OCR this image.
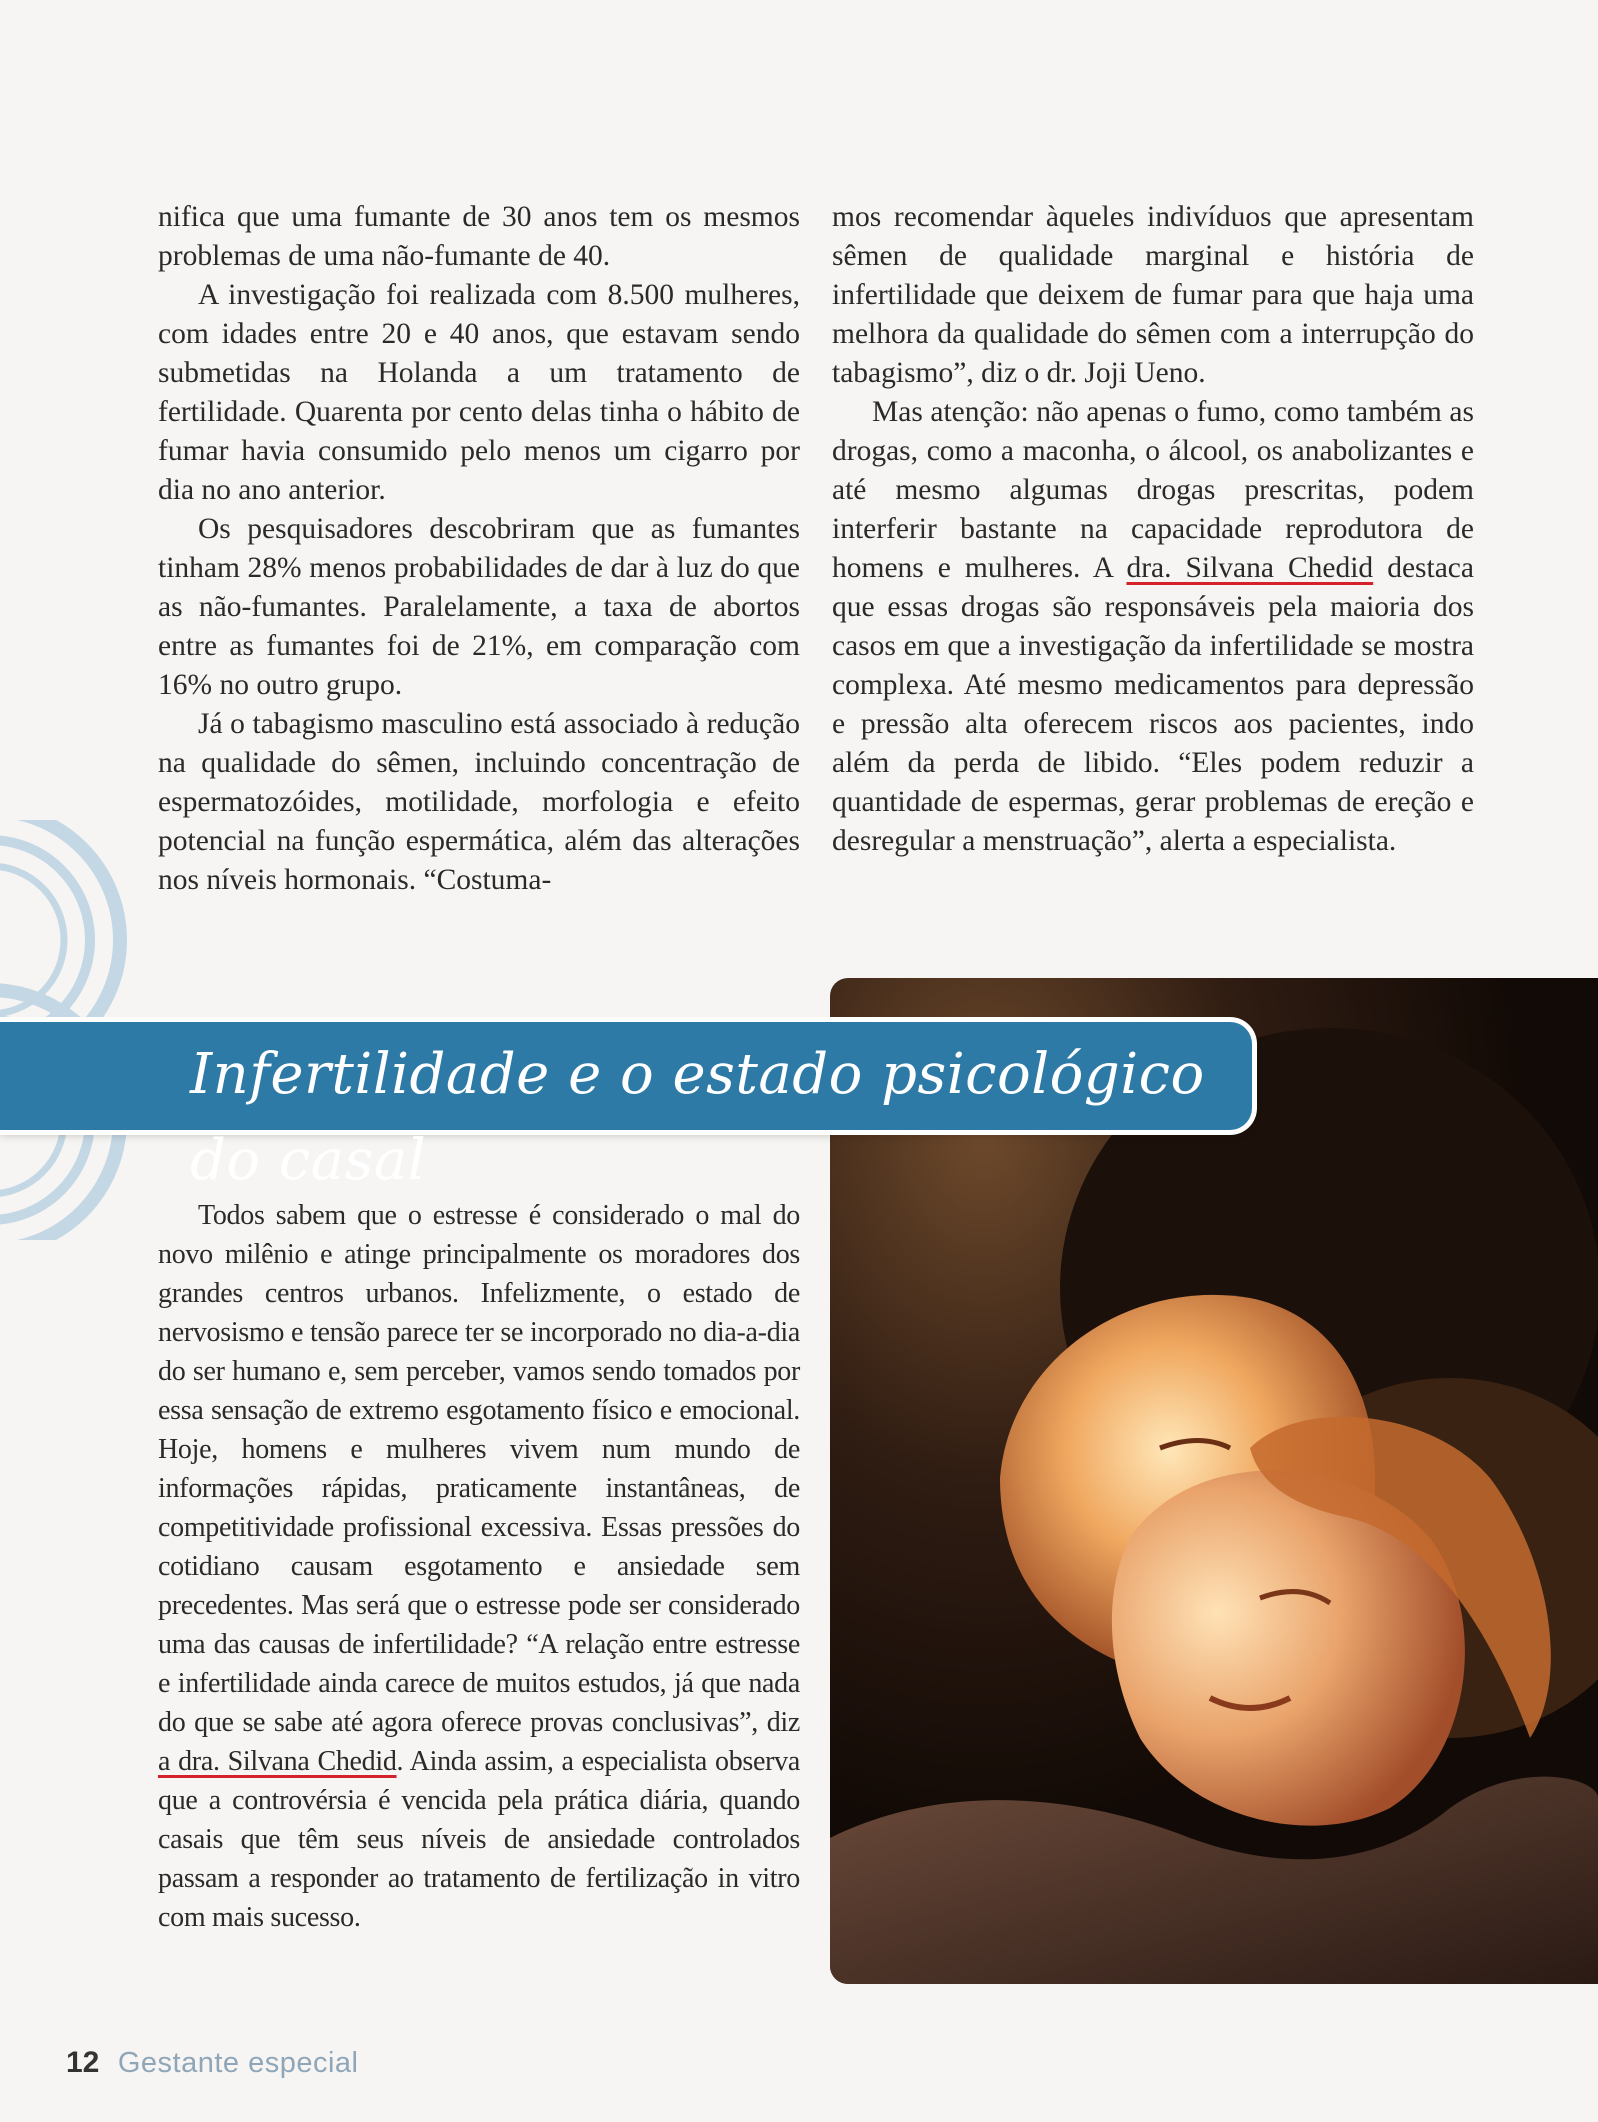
nifica que uma fumante de 30 anos tem os mesmos problemas de uma não-fumante de 40.

A investigação foi realizada com 8.500 mulheres, com idades entre 20 e 40 anos, que estavam sendo submetidas na Holanda a um tratamento de fertilidade. Quarenta por cento delas tinha o hábito de fumar havia consumido pelo menos um cigarro por dia no ano anterior.

Os pesquisadores descobriram que as fumantes tinham 28% menos probabilidades de dar à luz do que as não-fumantes. Paralelamente, a taxa de abortos entre as fumantes foi de 21%, em comparação com 16% no outro grupo.

Já o tabagismo masculino está associado à redução na qualidade do sêmen, incluindo concentração de espermatozóides, motilidade, morfologia e efeito potencial na função espermática, além das alterações nos níveis hormonais. “Costuma-

mos recomendar àqueles indivíduos que apresentam sêmen de qualidade marginal e história de infertilidade que deixem de fumar para que haja uma melhora da qualidade do sêmen com a interrupção do tabagismo”, diz o dr. Joji Ueno.

Mas atenção: não apenas o fumo, como também as drogas, como a maconha, o álcool, os anabolizantes e até mesmo algumas drogas prescritas, podem interferir bastante na capacidade reprodutora de homens e mulheres. A dra. Silvana Chedid destaca que essas drogas são responsáveis pela maioria dos casos em que a investigação da infertilidade se mostra complexa. Até mesmo medicamentos para depressão e pressão alta oferecem riscos aos pacientes, indo além da perda de libido. “Eles podem reduzir a quantidade de espermas, gerar problemas de ereção e desregular a menstruação”, alerta a especialista.

Infertilidade e o estado psicológico do casal

Todos sabem que o estresse é considerado o mal do novo milênio e atinge principalmente os moradores dos grandes centros urbanos. Infelizmente, o estado de nervosismo e tensão parece ter se incorporado no dia-a-dia do ser humano e, sem perceber, vamos sendo tomados por essa sensação de extremo esgotamento físico e emocional. Hoje, homens e mulheres vivem num mundo de informações rápidas, praticamente instantâneas, de competitividade profissional excessiva. Essas pressões do cotidiano causam esgotamento e ansiedade sem precedentes. Mas será que o estresse pode ser considerado uma das causas de infertilidade? “A relação entre estresse e infertilidade ainda carece de muitos estudos, já que nada do que se sabe até agora oferece provas conclusivas”, diz a dra. Silvana Chedid. Ainda assim, a especialista observa que a controvérsia é vencida pela prática diária, quando casais que têm seus níveis de ansiedade controlados passam a responder ao tratamento de fertilização in vitro com mais sucesso.

12 Gestante especial
